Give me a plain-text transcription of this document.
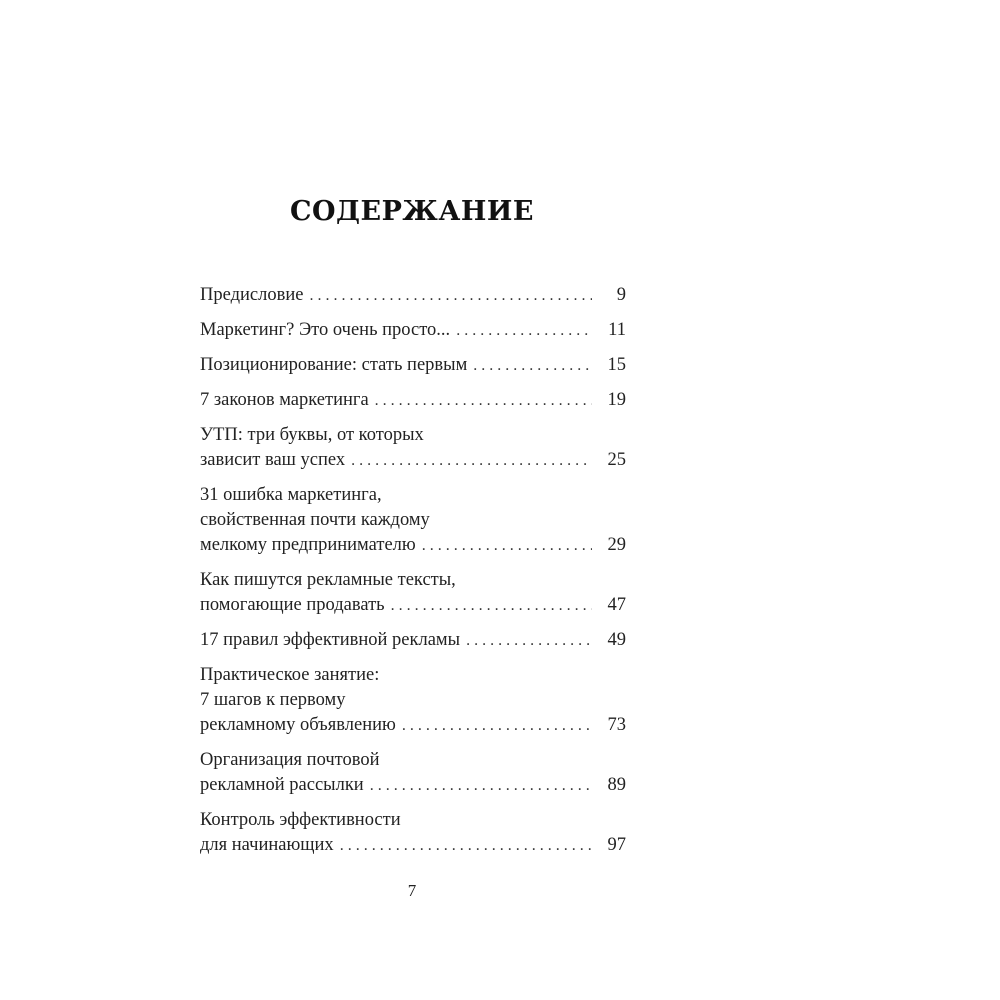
СОДЕРЖАНИЕ
Предисловие . . .	9
Маркетинг? Это очень просто... . . .	11
Позиционирование: стать первым . . .	15
7 законов маркетинга . . .	19
УТП: три буквы, от которых
зависит ваш успех . . .	25
31 ошибка маркетинга,
свойственная почти каждому
мелкому предпринимателю . . .	29
Как пишутся рекламные тексты,
помогающие продавать . . .	47
17 правил эффективной рекламы . . .	49
Практическое занятие:
7 шагов к первому
рекламному объявлению . . .	73
Организация почтовой
рекламной рассылки . . .	89
Контроль эффективности
для начинающих . . .	97
7
